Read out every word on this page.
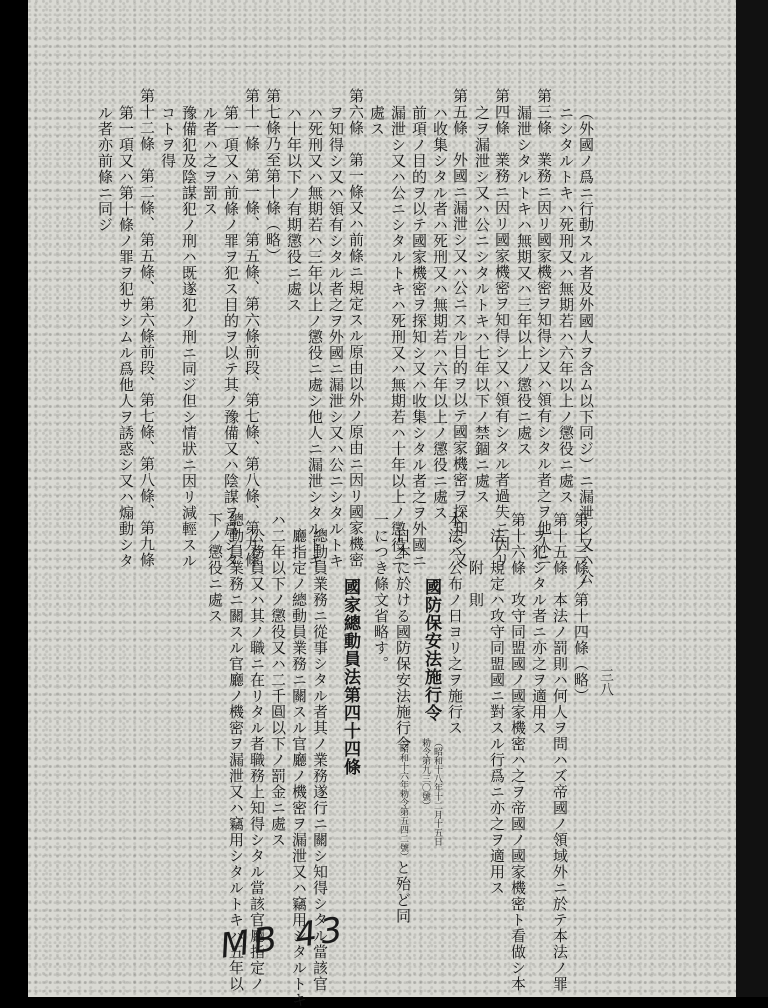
三八
（外國ノ爲ニ行動スル者及外國人ヲ含ム以下同ジ）ニ漏泄シ又ハ公
ニシタルトキハ死刑又ハ無期若ハ六年以上ノ懲役ニ處ス
第三條　業務ニ因リ國家機密ヲ知得シ又ハ領有シタル者之ヲ他人ニ
漏泄シタルトキハ無期又ハ三年以上ノ懲役ニ處ス
第四條　業務ニ因リ國家機密ヲ知得シ又ハ領有シタル者過失ニ因リ
之ヲ漏泄シ又ハ公ニシタルトキハ七年以下ノ禁錮ニ處ス
第五條　外國ニ漏泄シ又ハ公ニスル目的ヲ以テ國家機密ヲ探知シ又
ハ收集シタル者ハ死刑又ハ無期若ハ六年以上ノ懲役ニ處ス
前項ノ目的ヲ以テ國家機密ヲ探知シ又ハ收集シタル者之ヲ外國ニ
漏泄シ又ハ公ニシタルトキハ死刑又ハ無期若ハ十年以上ノ懲役ニ
處ス
第六條　第一條又ハ前條ニ規定スル原由以外ノ原由ニ因リ國家機密
ヲ知得シ又ハ領有シタル者之ヲ外國ニ漏泄シ又ハ公ニシタルトキ
ハ死刑又ハ無期若ハ三年以上ノ懲役ニ處シ他人ニ漏泄シタルトキ
ハ十年以下ノ有期懲役ニ處ス
第七條乃至第十條（略）
第十一條　第一條、第五條、第六條前段、第七條、第八條、第九條
第一項又ハ前條ノ罪ヲ犯ス目的ヲ以テ其ノ豫備又ハ陰謀ヲ爲シタ
ル者ハ之ヲ罰ス
豫備犯及陰謀犯ノ刑ハ既遂犯ノ刑ニ同ジ但シ情狀ニ因リ減輕スル
コトヲ得
第十二條　第二條、第五條、第六條前段、第七條、第八條、第九條
第一項又ハ第十條ノ罪ヲ犯サシムル爲他人ヲ誘惑シ又ハ煽動シタ
ル者亦前條ニ同ジ
第十三條ノ第十四條（略）
第十五條　本法ノ罰則ハ何人ヲ問ハズ帝國ノ領域外ニ於テ本法ノ罪
ヲ犯シタル者ニ亦之ヲ適用ス
第十六條　攻守同盟國ノ國家機密ハ之ヲ帝國ノ國家機密ト看做シ本
法ノ規定ハ攻守同盟國ニ對スル行爲ニ亦之ヲ適用ス
附　則
本法ハ公布ノ日ヨリ之ヲ施行ス
國防保安法施行令
（昭和十八年十二月十五日
勅令第九三〇號）
日本に於ける國防保安法施行令
（昭和十六年勅令第五四二號）
と殆ど同
一につき條文省略す。
國家總動員法第四十四條
總動員業務ニ從事シタル者其ノ業務遂行ニ關シ知得シタル當該官
廳指定ノ總動員業務ニ關スル官廳ノ機密ヲ漏泄又ハ竊用シタルトキ
ハ二年以下ノ懲役又ハ二千圓以下ノ罰金ニ處ス
公務員又ハ其ノ職ニ在リタル者職務上知得シタル當該官廳指定ノ
總動員業務ニ關スル官廳ノ機密ヲ漏泄又ハ竊用シタルトキハ五年以
下ノ懲役ニ處ス
MB 43
